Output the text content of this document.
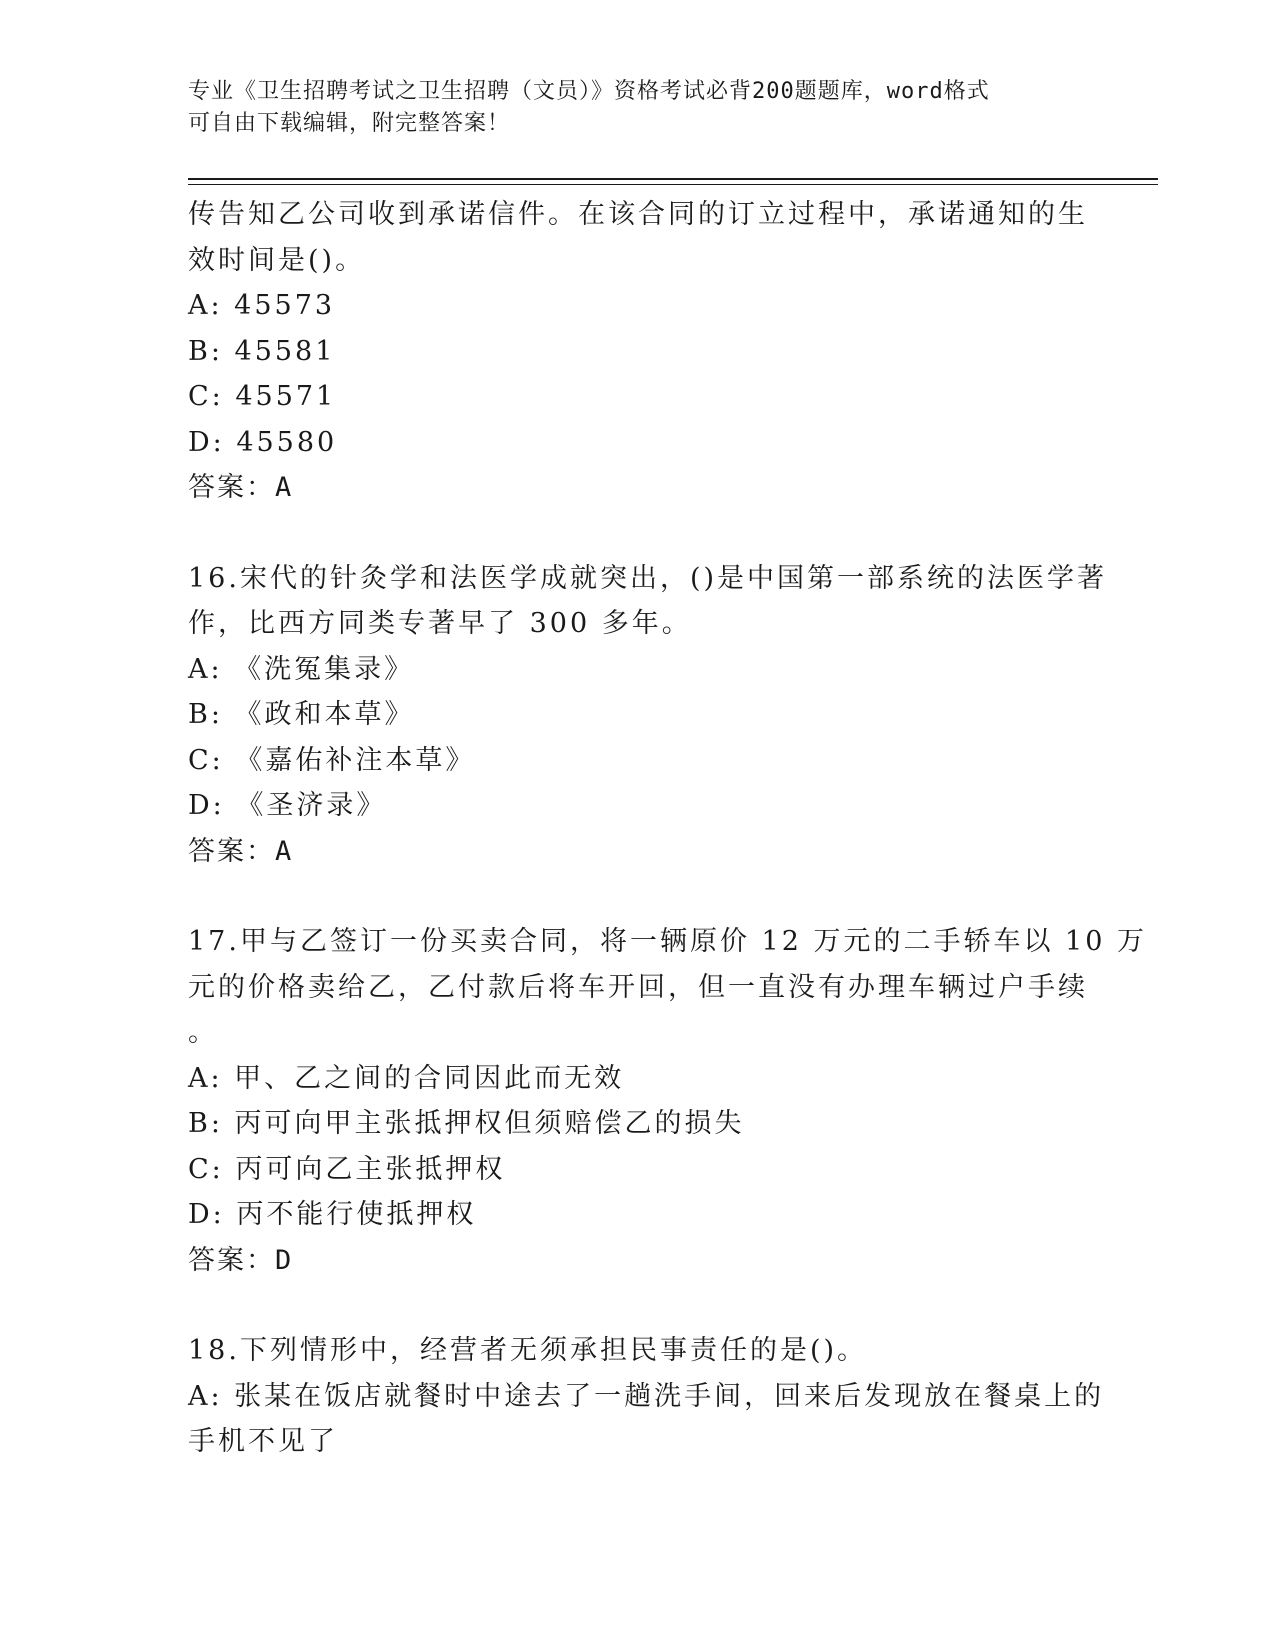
专业《卫生招聘考试之卫生招聘（文员）》资格考试必背200题题库，word格式
可自由下载编辑，附完整答案！
传告知乙公司收到承诺信件。在该合同的订立过程中，承诺通知的生
效时间是()。
A: 45573
B: 45581
C: 45571
D: 45580
答案：A
16.宋代的针灸学和法医学成就突出，()是中国第一部系统的法医学著
作，比西方同类专著早了 300 多年。
A: 《洗冤集录》
B: 《政和本草》
C: 《嘉佑补注本草》
D: 《圣济录》
答案：A
17.甲与乙签订一份买卖合同，将一辆原价 12 万元的二手轿车以 10 万
元的价格卖给乙，乙付款后将车开回，但一直没有办理车辆过户手续
。
A: 甲、乙之间的合同因此而无效
B: 丙可向甲主张抵押权但须赔偿乙的损失
C: 丙可向乙主张抵押权
D: 丙不能行使抵押权
答案：D
18.下列情形中，经营者无须承担民事责任的是()。
A: 张某在饭店就餐时中途去了一趟洗手间，回来后发现放在餐桌上的
手机不见了
